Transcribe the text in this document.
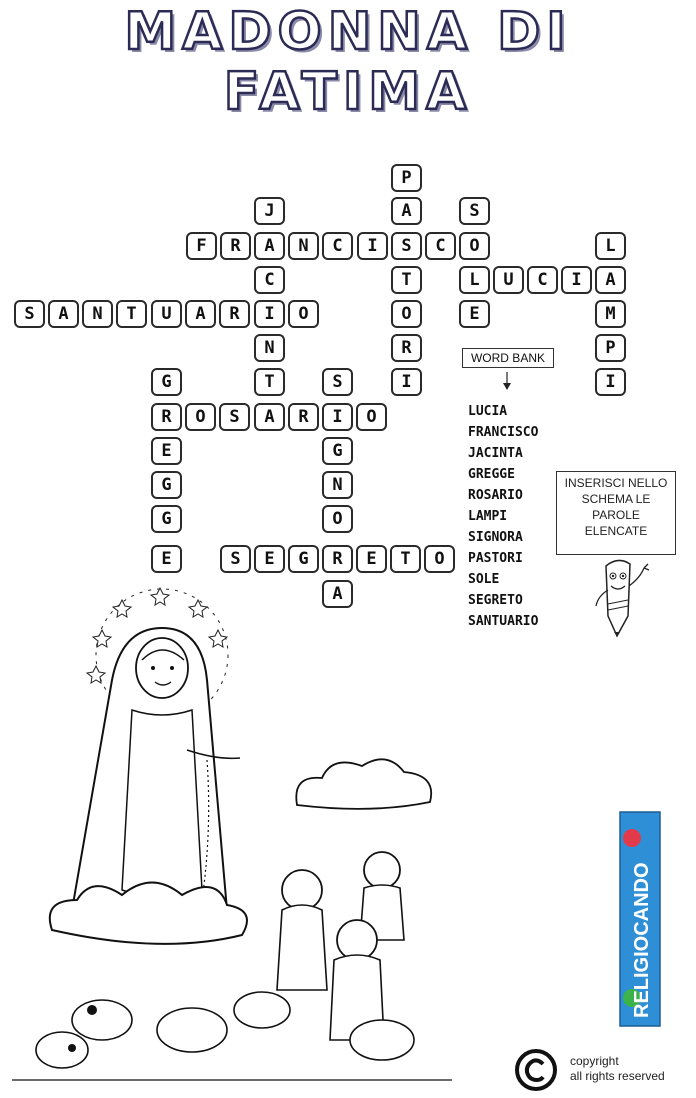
MADONNA DI
FATIMA
P
J	A	S
F	R	A	N	C	I	S	C	O	L
C	T	L	U	C	I	A
S	A	N	T	U	A	R	I	O	O	E	M
N	R	P
G	T	S	I	I
R	O	S	A	R	I	O
E	G
G	N
G	O
E	S	E	G	R	E	T	O
A
WORD BANK
LUCIA
FRANCISCO
JACINTA
GREGGE
ROSARIO
LAMPI
SIGNORA
PASTORI
SOLE
SEGRETO
SANTUARIO
INSERISCI NELLO SCHEMA LE PAROLE ELENCATE
RELIGIOCANDO
copyright
all rights reserved
